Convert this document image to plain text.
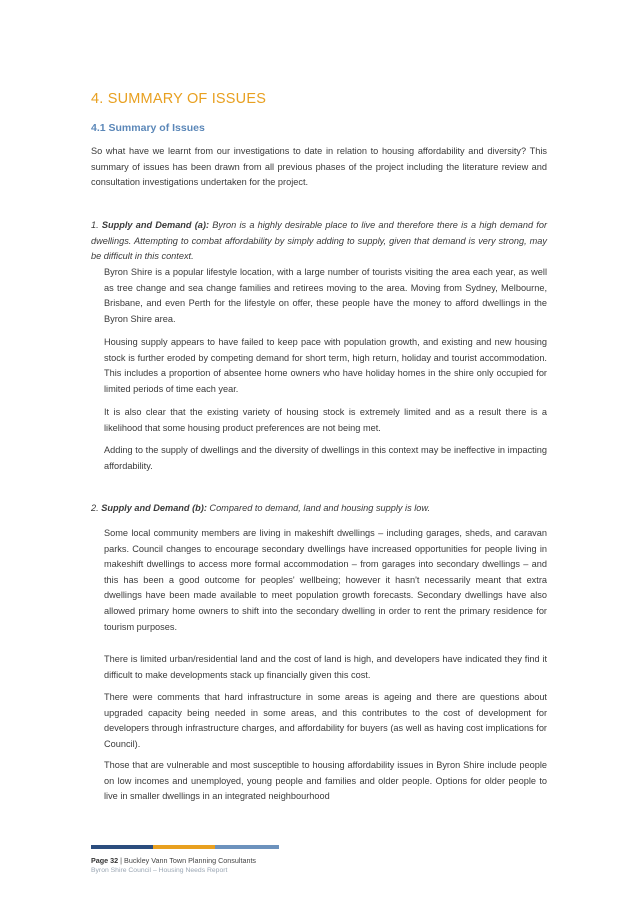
4. SUMMARY OF ISSUES
4.1 Summary of Issues

So what have we learnt from our investigations to date in relation to housing affordability and diversity? This summary of issues has been drawn from all previous phases of the project including the literature review and consultation investigations undertaken for the project.

1. Supply and Demand (a): Byron is a highly desirable place to live and therefore there is a high demand for dwellings. Attempting to combat affordability by simply adding to supply, given that demand is very strong, may be difficult in this context.

Byron Shire is a popular lifestyle location, with a large number of tourists visiting the area each year, as well as tree change and sea change families and retirees moving to the area. Moving from Sydney, Melbourne, Brisbane, and even Perth for the lifestyle on offer, these people have the money to afford dwellings in the Byron Shire area.

Housing supply appears to have failed to keep pace with population growth, and existing and new housing stock is further eroded by competing demand for short term, high return, holiday and tourist accommodation. This includes a proportion of absentee home owners who have holiday homes in the shire only occupied for limited periods of time each year.

It is also clear that the existing variety of housing stock is extremely limited and as a result there is a likelihood that some housing product preferences are not being met.

Adding to the supply of dwellings and the diversity of dwellings in this context may be ineffective in impacting affordability.

2. Supply and Demand (b): Compared to demand, land and housing supply is low.

Some local community members are living in makeshift dwellings – including garages, sheds, and caravan parks. Council changes to encourage secondary dwellings have increased opportunities for people living in makeshift dwellings to access more formal accommodation – from garages into secondary dwellings – and this has been a good outcome for peoples' wellbeing; however it hasn't necessarily meant that extra dwellings have been made available to meet population growth forecasts. Secondary dwellings have also allowed primary home owners to shift into the secondary dwelling in order to rent the primary residence for tourism purposes.

There is limited urban/residential land and the cost of land is high, and developers have indicated they find it difficult to make developments stack up financially given this cost.

There were comments that hard infrastructure in some areas is ageing and there are questions about upgraded capacity being needed in some areas, and this contributes to the cost of development for developers through infrastructure charges, and affordability for buyers (as well as having cost implications for Council).

Those that are vulnerable and most susceptible to housing affordability issues in Byron Shire include people on low incomes and unemployed, young people and families and older people. Options for older people to live in smaller dwellings in an integrated neighbourhood

Page 32 | Buckley Vann Town Planning Consultants
Byron Shire Council – Housing Needs Report
